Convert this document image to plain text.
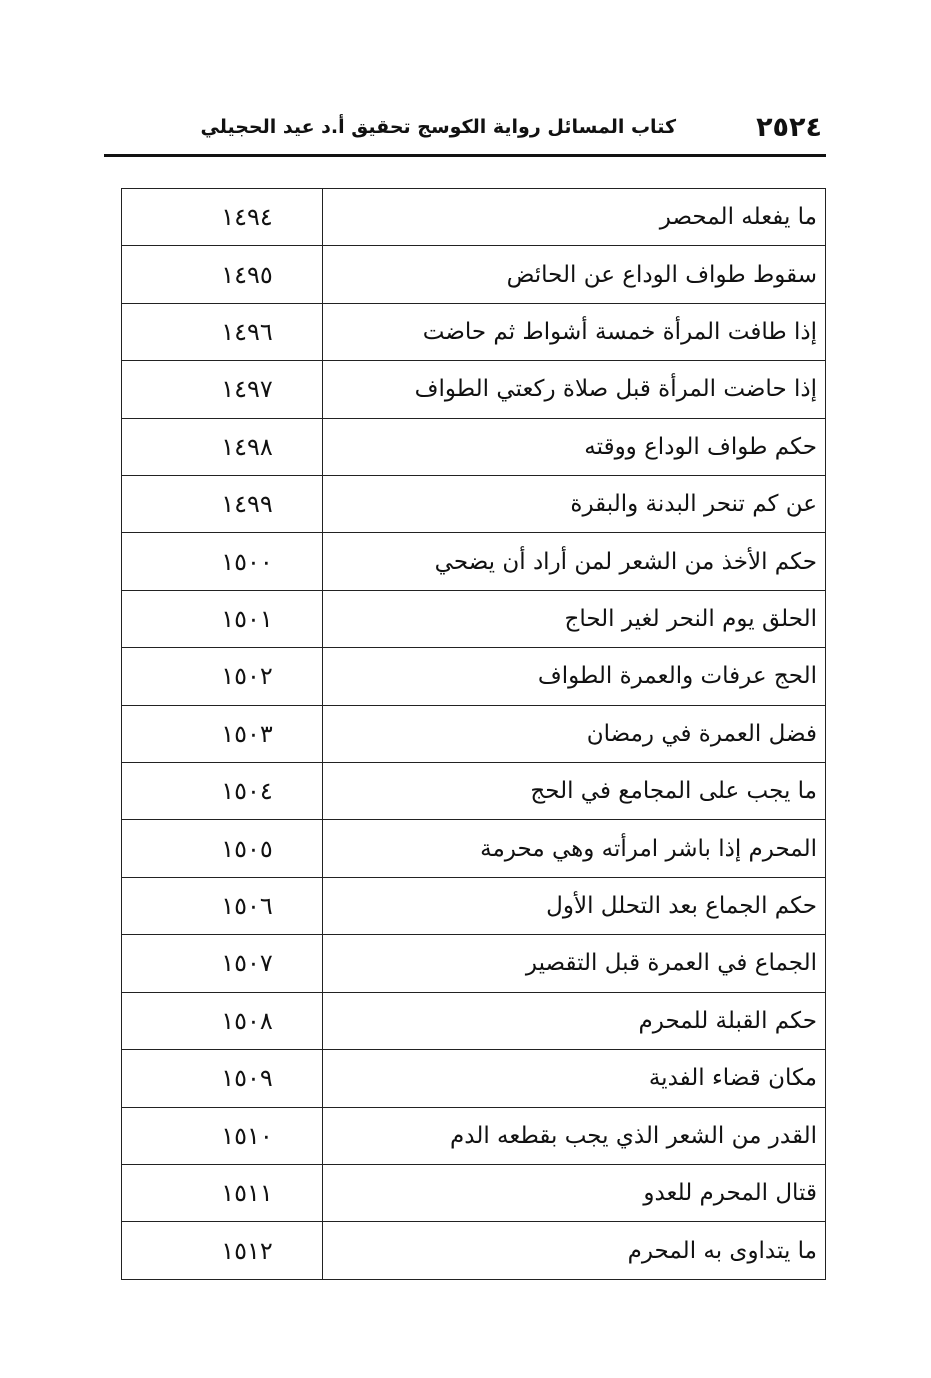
٢٥٢٤
كتاب المسائل رواية الكوسج تحقيق أ.د عيد الحجيلي
ما يفعله المحصر	١٤٩٤
سقوط طواف الوداع عن الحائض	١٤٩٥
إذا طافت المرأة خمسة أشواط ثم حاضت	١٤٩٦
إذا حاضت المرأة قبل صلاة ركعتي الطواف	١٤٩٧
حكم طواف الوداع ووقته	١٤٩٨
عن كم تنحر البدنة والبقرة	١٤٩٩
حكم الأخذ من الشعر لمن أراد أن يضحي	١٥٠٠
الحلق يوم النحر لغير الحاج	١٥٠١
الحج عرفات والعمرة الطواف	١٥٠٢
فضل العمرة في رمضان	١٥٠٣
ما يجب على المجامع في الحج	١٥٠٤
المحرم إذا باشر امرأته وهي محرمة	١٥٠٥
حكم الجماع بعد التحلل الأول	١٥٠٦
الجماع في العمرة قبل التقصير	١٥٠٧
حكم القبلة للمحرم	١٥٠٨
مكان قضاء الفدية	١٥٠٩
القدر من الشعر الذي يجب بقطعه الدم	١٥١٠
قتال المحرم للعدو	١٥١١
ما يتداوى به المحرم	١٥١٢
